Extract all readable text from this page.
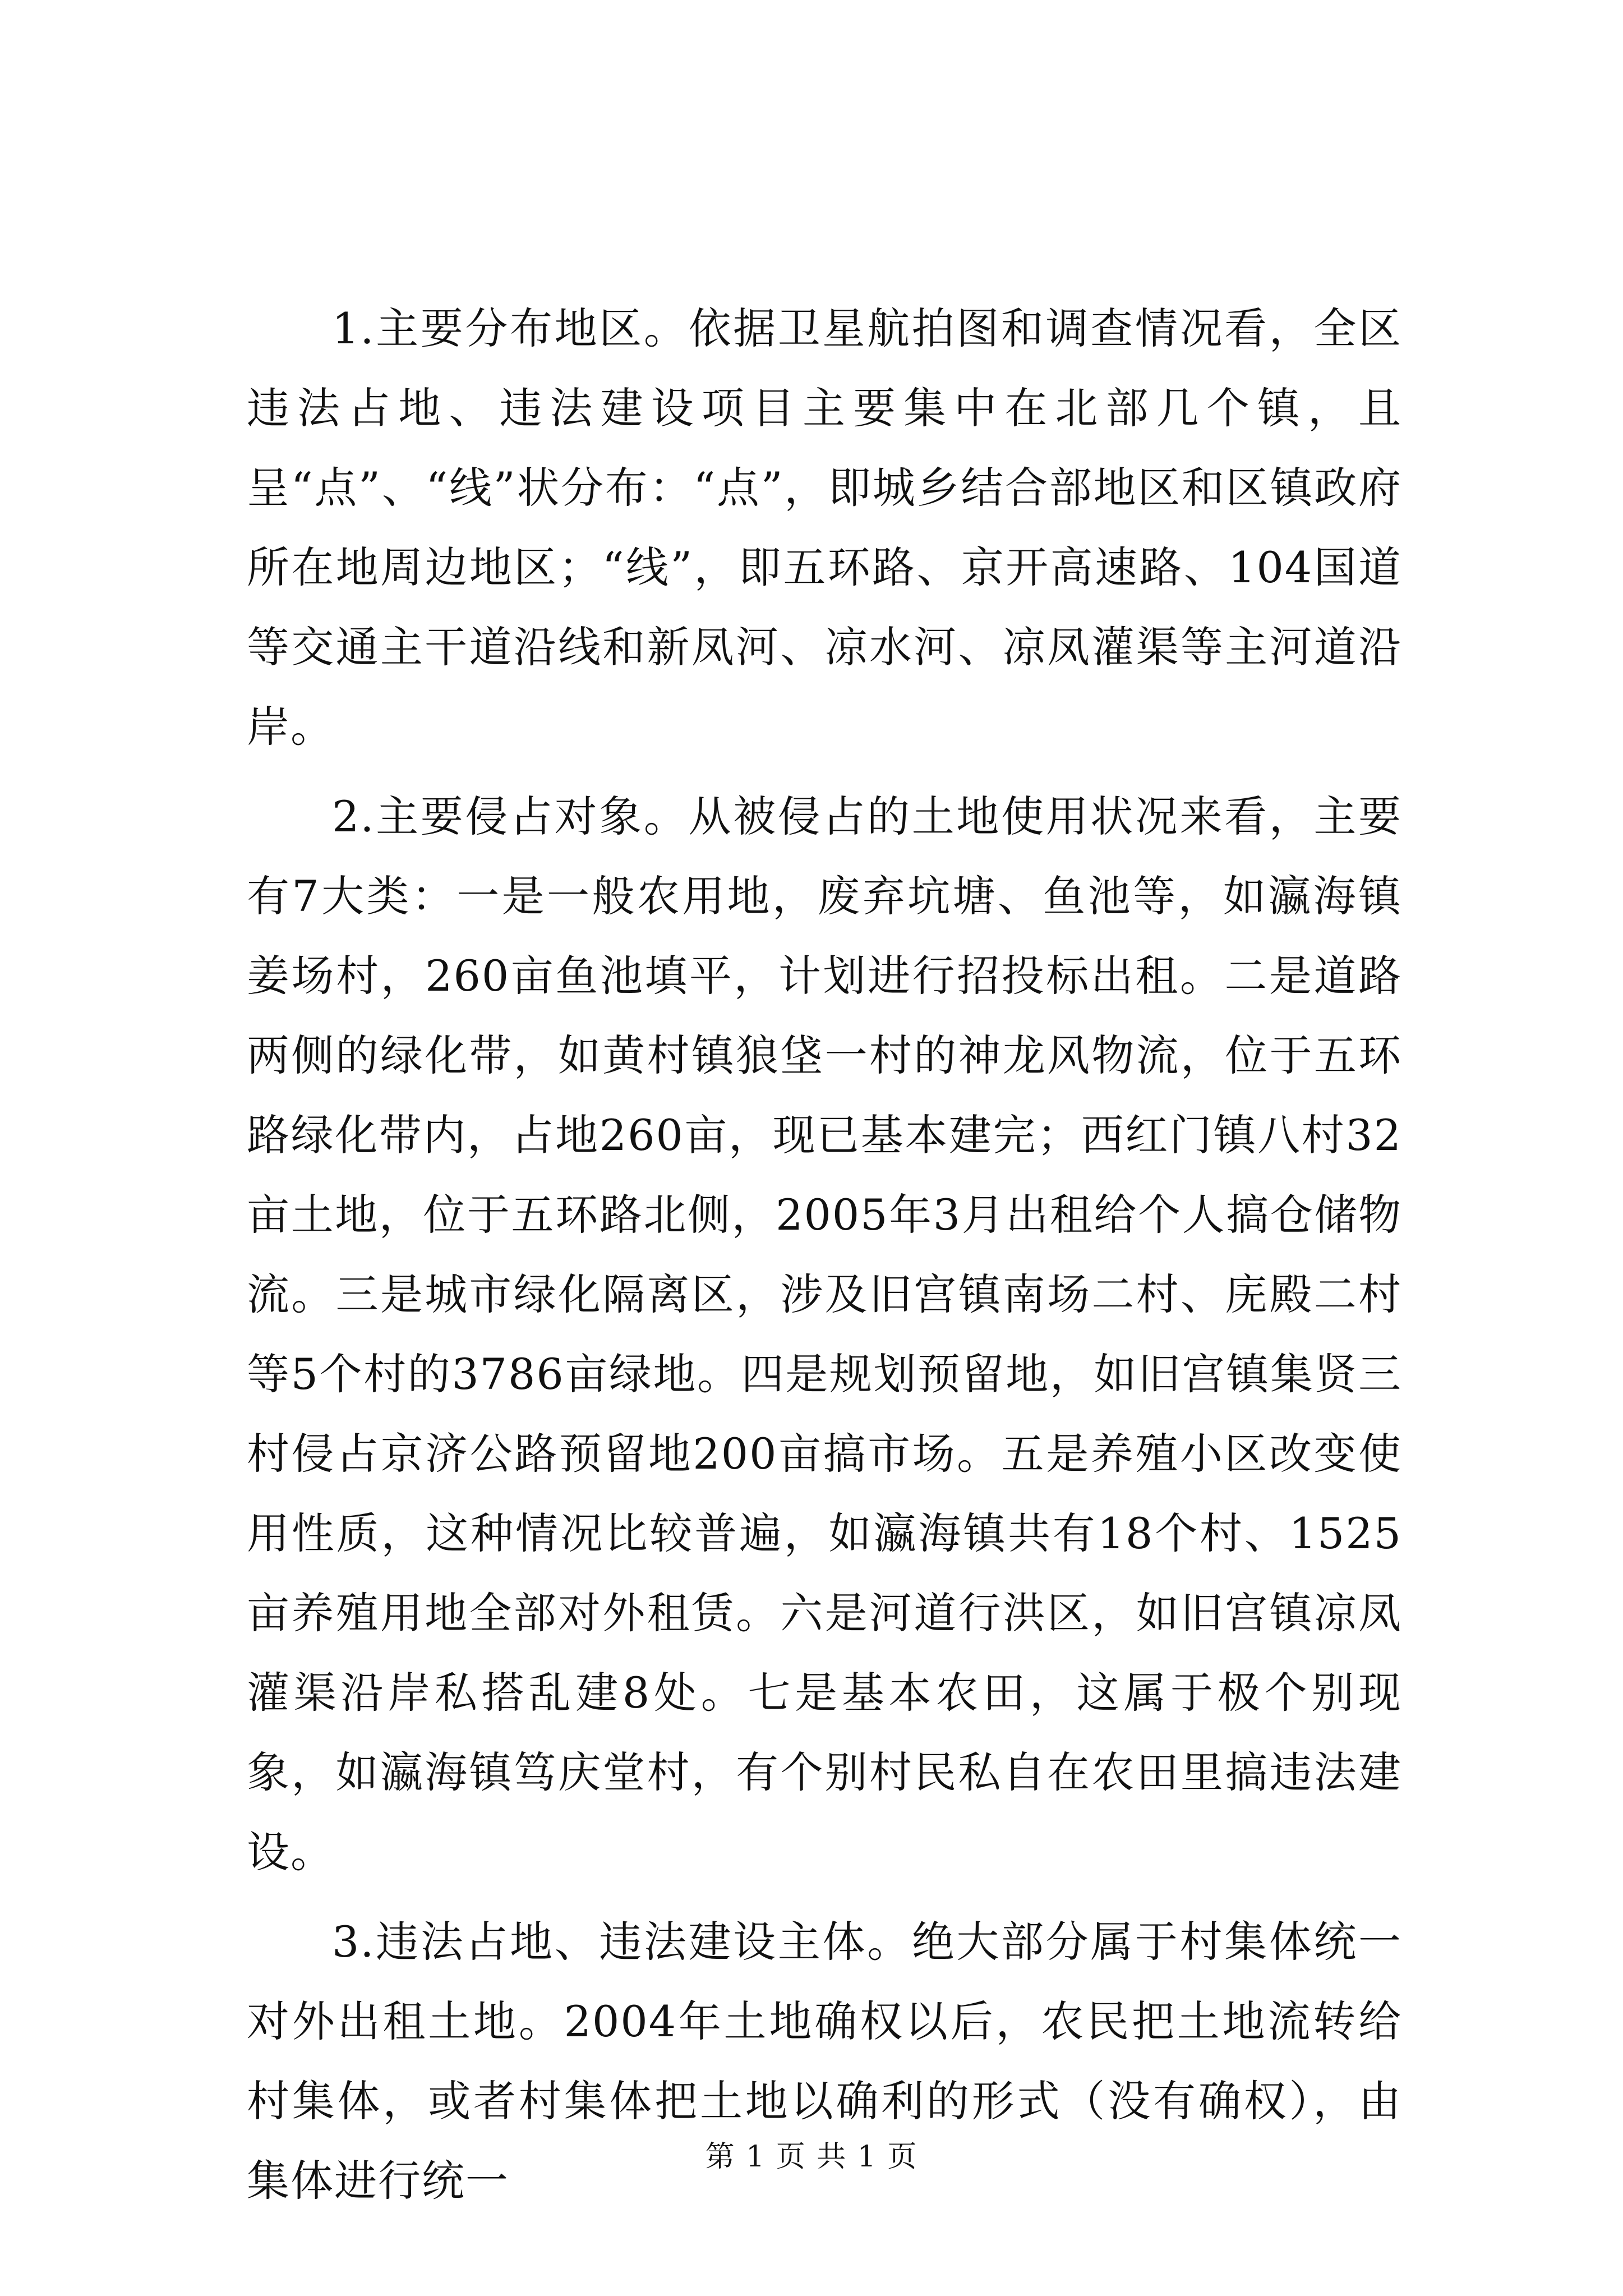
1.主要分布地区。依据卫星航拍图和调查情况看，全区违法占地、违法建设项目主要集中在北部几个镇，且呈“点”、“线”状分布：“点”，即城乡结合部地区和区镇政府所在地周边地区；“线”，即五环路、京开高速路、104国道等交通主干道沿线和新凤河、凉水河、凉凤灌渠等主河道沿岸。

2.主要侵占对象。从被侵占的土地使用状况来看，主要有7大类：一是一般农用地，废弃坑塘、鱼池等，如瀛海镇姜场村，260亩鱼池填平，计划进行招投标出租。二是道路两侧的绿化带，如黄村镇狼垡一村的神龙风物流，位于五环路绿化带内，占地260亩，现已基本建完；西红门镇八村32亩土地，位于五环路北侧，2005年3月出租给个人搞仓储物流。三是城市绿化隔离区，涉及旧宫镇南场二村、庑殿二村等5个村的3786亩绿地。四是规划预留地，如旧宫镇集贤三村侵占京济公路预留地200亩搞市场。五是养殖小区改变使用性质，这种情况比较普遍，如瀛海镇共有18个村、1525亩养殖用地全部对外租赁。六是河道行洪区，如旧宫镇凉凤灌渠沿岸私搭乱建8处。七是基本农田，这属于极个别现象，如瀛海镇笃庆堂村，有个别村民私自在农田里搞违法建设。

3.违法占地、违法建设主体。绝大部分属于村集体统一对外出租土地。2004年土地确权以后，农民把土地流转给村集体，或者村集体把土地以确利的形式（没有确权），由集体进行统一	第 1 页 共 1 页
